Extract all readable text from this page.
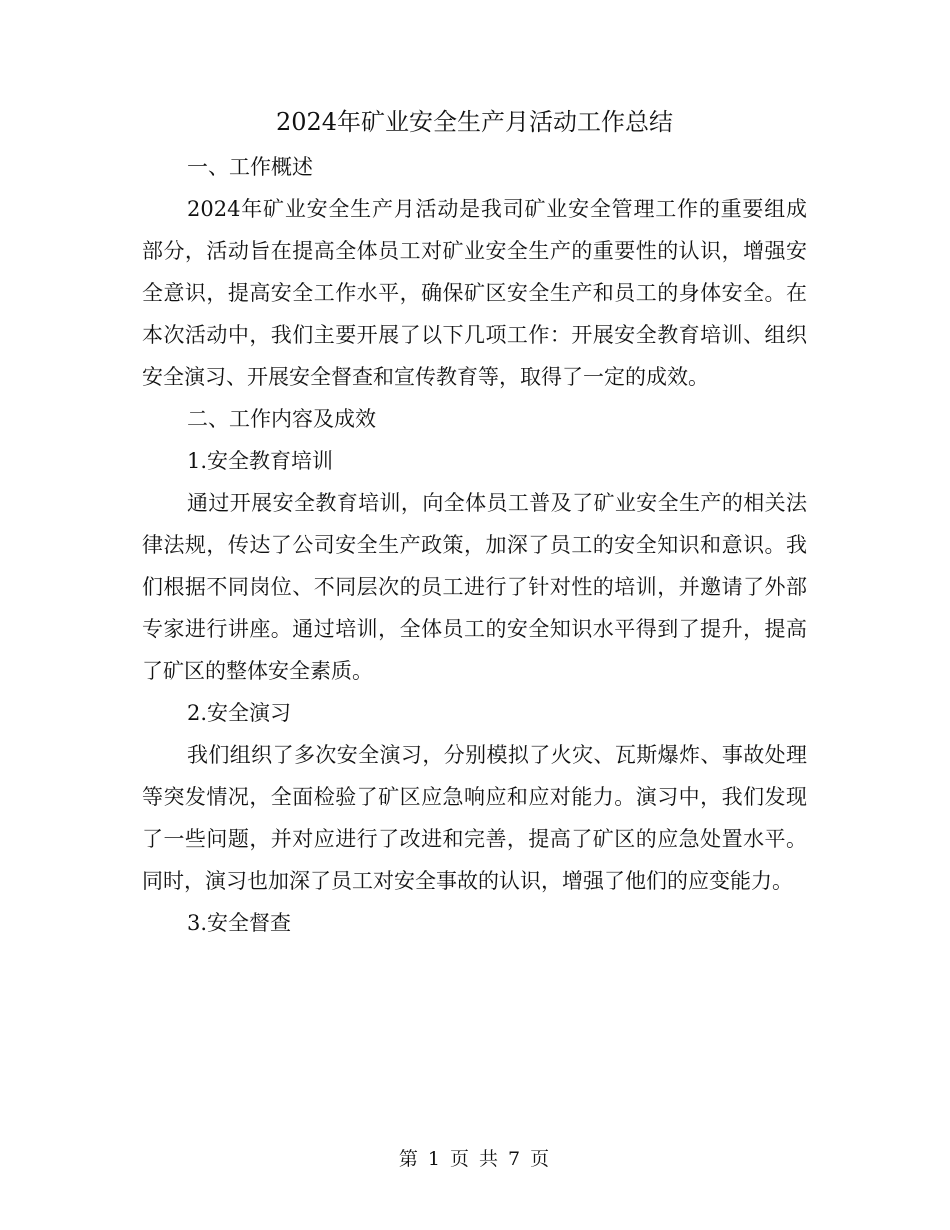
2024年矿业安全生产月活动工作总结

一、工作概述

2024年矿业安全生产月活动是我司矿业安全管理工作的重要组成部分，活动旨在提高全体员工对矿业安全生产的重要性的认识，增强安全意识，提高安全工作水平，确保矿区安全生产和员工的身体安全。在本次活动中，我们主要开展了以下几项工作：开展安全教育培训、组织安全演习、开展安全督查和宣传教育等，取得了一定的成效。

二、工作内容及成效

1.安全教育培训

通过开展安全教育培训，向全体员工普及了矿业安全生产的相关法律法规，传达了公司安全生产政策，加深了员工的安全知识和意识。我们根据不同岗位、不同层次的员工进行了针对性的培训，并邀请了外部专家进行讲座。通过培训，全体员工的安全知识水平得到了提升，提高了矿区的整体安全素质。

2.安全演习

我们组织了多次安全演习，分别模拟了火灾、瓦斯爆炸、事故处理等突发情况，全面检验了矿区应急响应和应对能力。演习中，我们发现了一些问题，并对应进行了改进和完善，提高了矿区的应急处置水平。同时，演习也加深了员工对安全事故的认识，增强了他们的应变能力。

3.安全督查

第 1 页 共 7 页
